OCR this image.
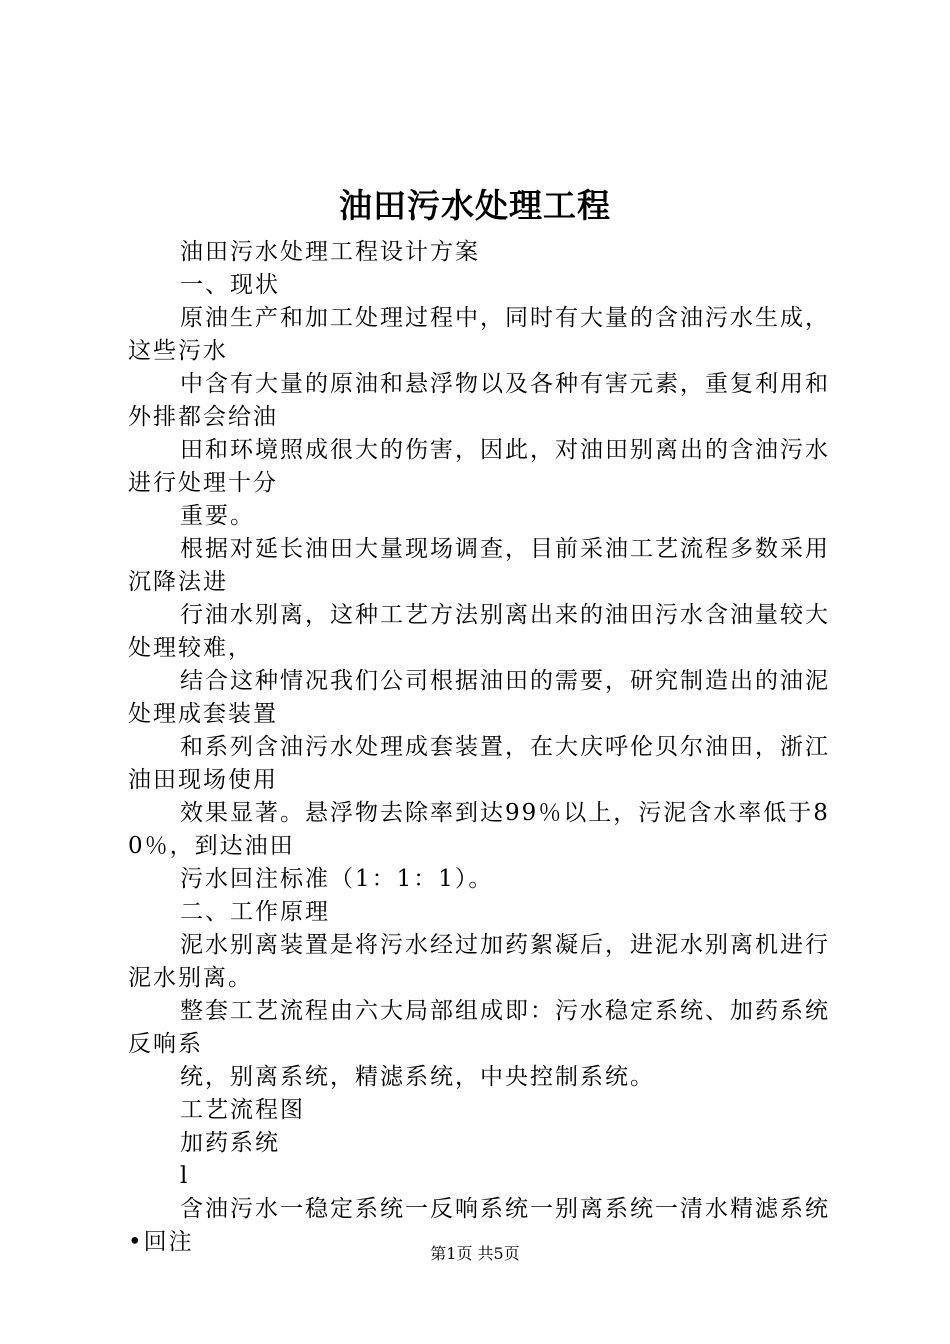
油田污水处理工程
油田污水处理工程设计方案
一、现状
原油生产和加工处理过程中，同时有大量的含油污水生成，这些污水
中含有大量的原油和悬浮物以及各种有害元素，重复利用和外排都会给油
田和环境照成很大的伤害，因此，对油田别离出的含油污水进行处理十分
重要。
根据对延长油田大量现场调查，目前采油工艺流程多数采用沉降法进
行油水别离，这种工艺方法别离出来的油田污水含油量较大处理较难，
结合这种情况我们公司根据油田的需要，研究制造出的油泥处理成套装置
和系列含油污水处理成套装置，在大庆呼伦贝尔油田，浙江油田现场使用
效果显著。悬浮物去除率到达99％以上，污泥含水率低于80％，到达油田
污水回注标准（1：1：1）。
二、工作原理
泥水别离装置是将污水经过加药絮凝后，进泥水别离机进行泥水别离。
整套工艺流程由六大局部组成即：污水稳定系统、加药系统反响系
统，别离系统，精滤系统，中央控制系统。
工艺流程图
加药系统
l
含油污水一稳定系统一反响系统一别离系统一清水精滤系统•回注	第1页 共5页
